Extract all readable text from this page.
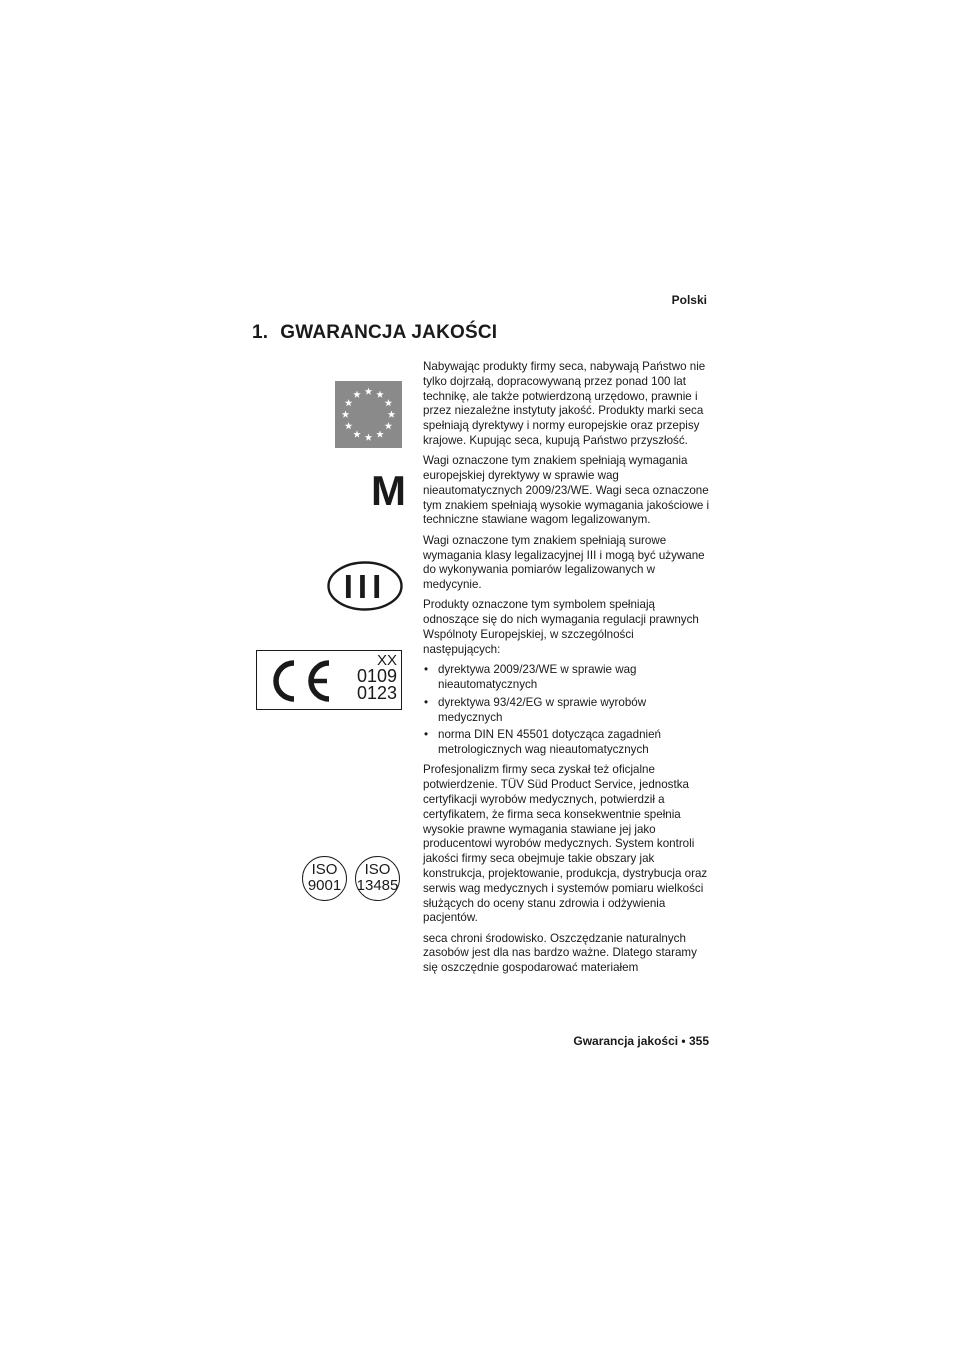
Polski
1. GWARANCJA JAKOŚCI
M
III
XX
0109
0123
ISO
9001
ISO
13485

Nabywając produkty firmy seca, nabywają Państwo nie tylko dojrzałą, dopracowywaną przez ponad 100 lat technikę, ale także potwierdzoną urzędowo, prawnie i przez niezależne instytuty jakość. Produkty marki seca spełniają dyrektywy i normy europejskie oraz przepisy krajowe. Kupując seca, kupują Państwo przyszłość.

Wagi oznaczone tym znakiem spełniają wymagania europejskiej dyrektywy w sprawie wag nieautomatycznych 2009/23/WE. Wagi seca oznaczone tym znakiem spełniają wysokie wymagania jakościowe i techniczne stawiane wagom legalizowanym.

Wagi oznaczone tym znakiem spełniają surowe wymagania klasy legalizacyjnej III i mogą być używane do wykonywania pomiarów legalizowanych w medycynie.

Produkty oznaczone tym symbolem spełniają odnoszące się do nich wymagania regulacji prawnych Wspólnoty Europejskiej, w szczególności następujących:

• dyrektywa 2009/23/WE w sprawie wag nieautomatycznych
• dyrektywa 93/42/EG w sprawie wyrobów medycznych
• norma DIN EN 45501 dotycząca zagadnień metrologicznych wag nieautomatycznych

Profesjonalizm firmy seca zyskał też oficjalne potwierdzenie. TÜV Süd Product Service, jednostka certyfikacji wyrobów medycznych, potwierdził a certyfikatem, że firma seca konsekwentnie spełnia wysokie prawne wymagania stawiane jej jako producentowi wyrobów medycznych. System kontroli jakości firmy seca obejmuje takie obszary jak konstrukcja, projektowanie, produkcja, dystrybucja oraz serwis wag medycznych i systemów pomiaru wielkości służących do oceny stanu zdrowia i odżywienia pacjentów.

seca chroni środowisko. Oszczędzanie naturalnych zasobów jest dla nas bardzo ważne. Dlatego staramy się oszczędnie gospodarować materiałem

Gwarancja jakości • 355
